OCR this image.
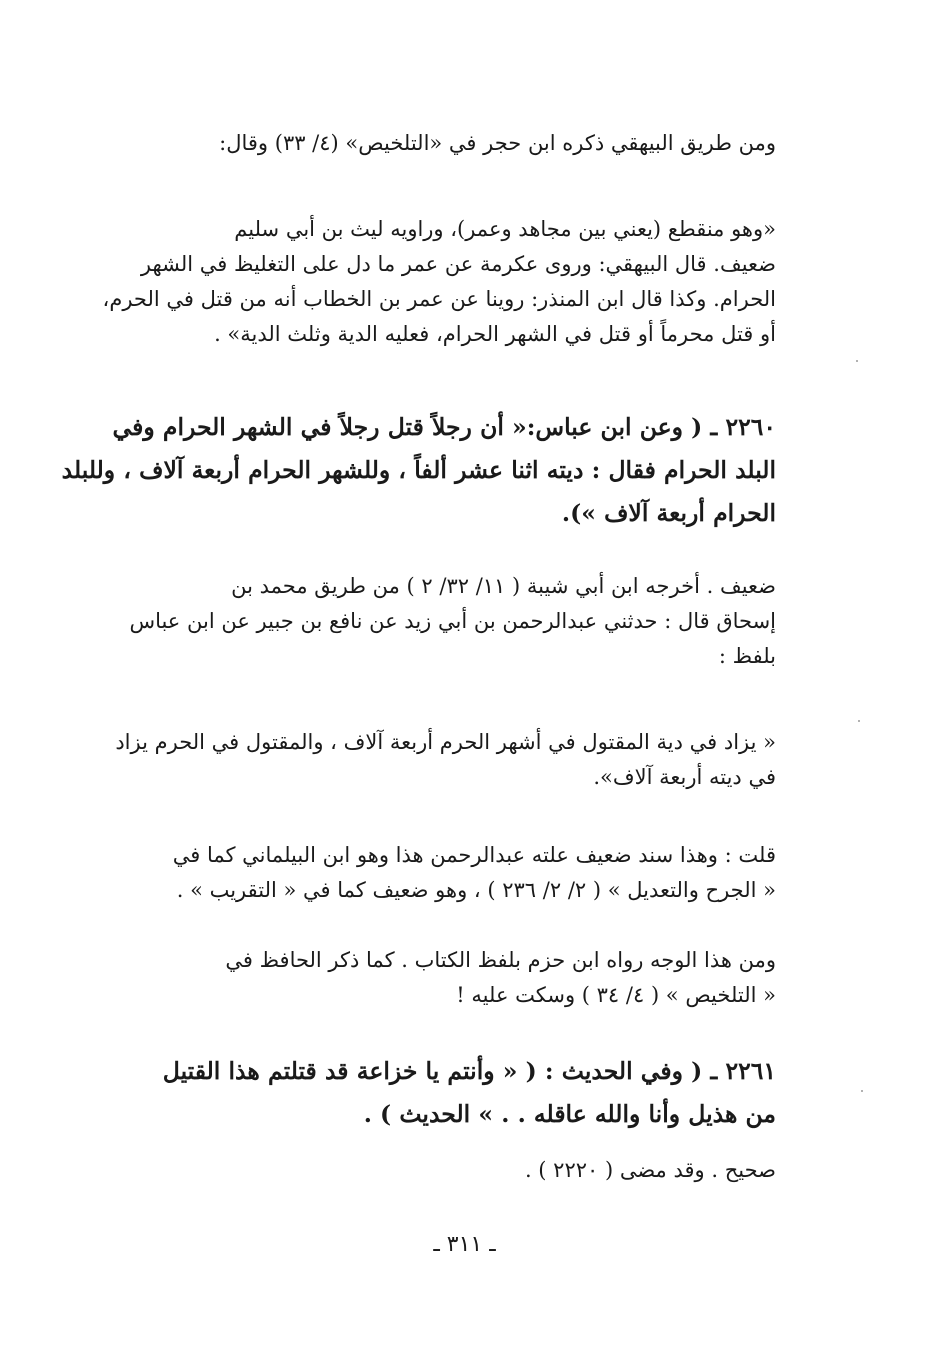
ومن طريق البيهقي ذكره ابن حجر في «التلخيص» (٤/ ٣٣) وقال:

«وهو منقطع (يعني بين مجاهد وعمر)، وراويه ليث بن أبي سليم
ضعيف. قال البيهقي: وروى عكرمة عن عمر ما دل على التغليظ في الشهر
الحرام. وكذا قال ابن المنذر: روينا عن عمر بن الخطاب أنه من قتل في الحرم،
أو قتل محرماً أو قتل في الشهر الحرام، فعليه الدية وثلث الدية» .

٢٢٦٠ ـ ( وعن ابن عباس:« أن رجلاً قتل رجلاً في الشهر الحرام وفي
البلد الحرام فقال : ديته اثنا عشر ألفاً ، وللشهر الحرام أربعة آلاف ، وللبلد
الحرام أربعة آلاف »).

ضعيف . أخرجه ابن أبي شيبة ( ١١/ ٣٢/ ٢ ) من طريق محمد بن
إسحاق قال : حدثني عبدالرحمن بن أبي زيد عن نافع بن جبير عن ابن عباس
بلفظ :

« يزاد في دية المقتول في أشهر الحرم أربعة آلاف ، والمقتول في الحرم يزاد
في ديته أربعة آلاف».

قلت : وهذا سند ضعيف علته عبدالرحمن هذا وهو ابن البيلماني كما في
« الجرح والتعديل » ( ٢/ ٢/ ٢٣٦ ) ، وهو ضعيف كما في « التقريب » .

ومن هذا الوجه رواه ابن حزم بلفظ الكتاب . كما ذكر الحافظ في
« التلخيص » ( ٤/ ٣٤ ) وسكت عليه !

٢٢٦١ ـ ( وفي الحديث : ( « وأنتم يا خزاعة قد قتلتم هذا القتيل
من هذيل وأنا والله عاقله . . » الحديث ) .

صحيح . وقد مضى ( ٢٢٢٠ ) .

ـ ٣١١ ـ
